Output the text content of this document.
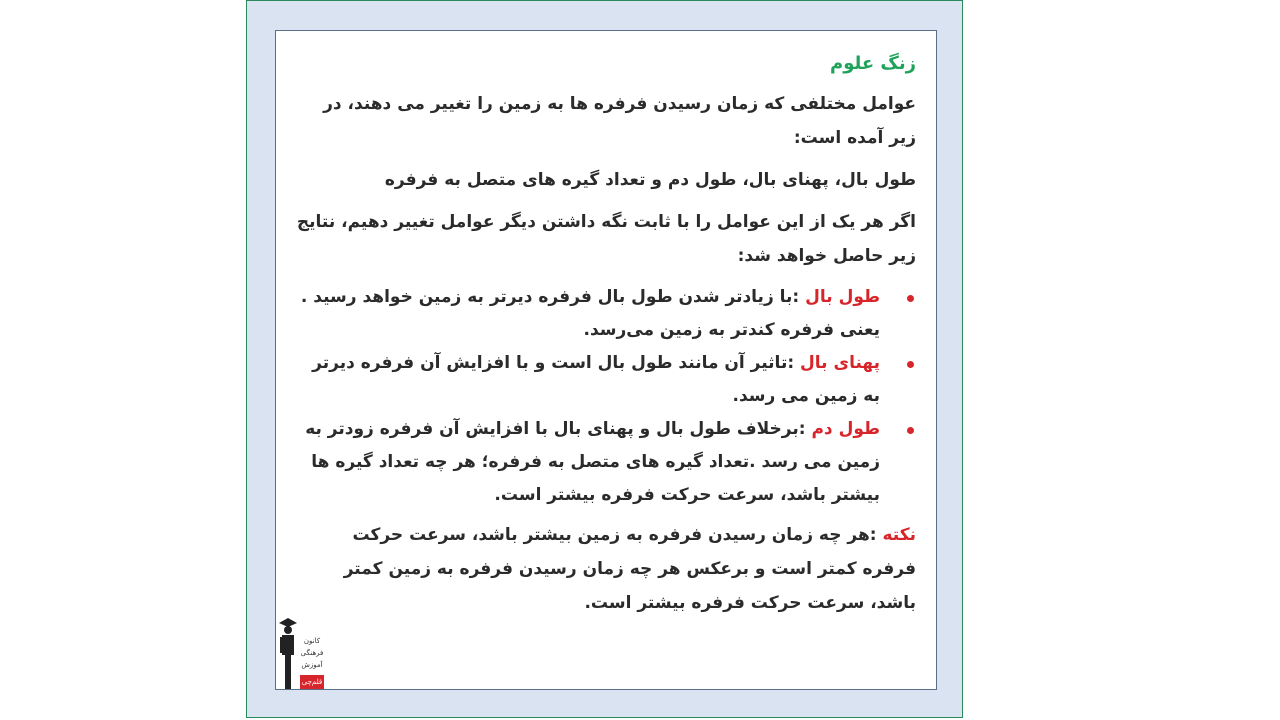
زنگ علوم

عوامل مختلفی که زمان رسیدن فرفره ها به زمین را تغییر می دهند، در زیر آمده است:

طول بال، پهنای بال، طول دم و تعداد گیره های متصل به فرفره

اگر هر یک از این عوامل را با ثابت نگه داشتن دیگر عوامل تغییر دهیم، نتایج زیر حاصل خواهد شد:

طول بال :با زیادتر شدن طول بال فرفره دیرتر به زمین خواهد رسید . یعنی فرفره کندتر به زمین می‌رسد.
پهنای بال :تاثیر آن مانند طول بال است و با افزایش آن فرفره دیرتر به زمین می رسد.
طول دم :برخلاف طول بال و پهنای بال با افزایش آن فرفره زودتر به زمین می رسد .تعداد گیره های متصل به فرفره؛ هر چه تعداد گیره ها بیشتر باشد، سرعت حرکت فرفره بیشتر است.

نکته :هر چه زمان رسیدن فرفره به زمین بیشتر باشد، سرعت حرکت فرفره کمتر است و برعکس هر چه زمان رسیدن فرفره به زمین کمتر باشد، سرعت حرکت فرفره بیشتر است.

کانون
فرهنگی
آموزش
قلم‌چی
